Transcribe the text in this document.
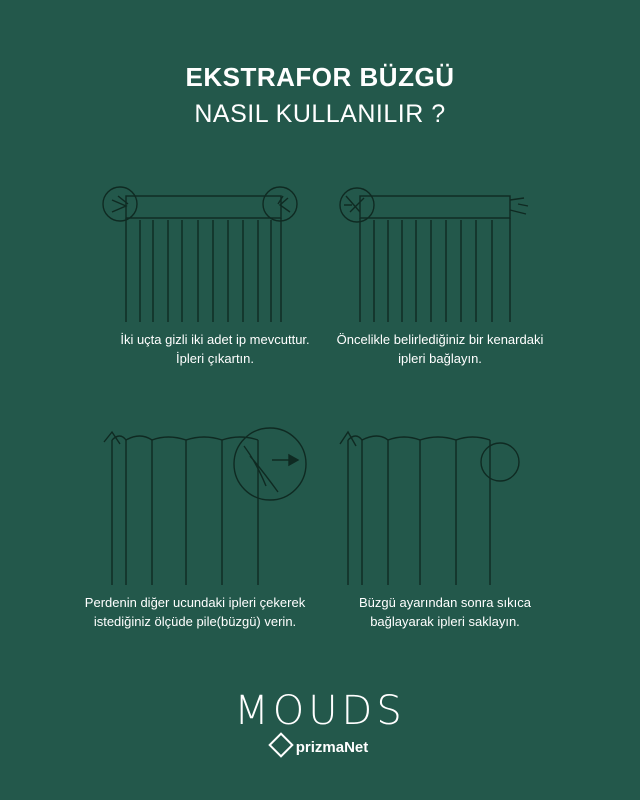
EKSTRAFOR BÜZGÜ
NASIL KULLANILIR ?
İki uçta gizli iki adet ip mevcuttur.
İpleri çıkartın.
Öncelikle belirlediğiniz bir kenardaki
ipleri bağlayın.
Perdenin diğer ucundaki ipleri çekerek
istediğiniz ölçüde pile(büzgü) verin.
Büzgü ayarından sonra sıkıca
bağlayarak ipleri saklayın.
MOUDS
prizmaNet
